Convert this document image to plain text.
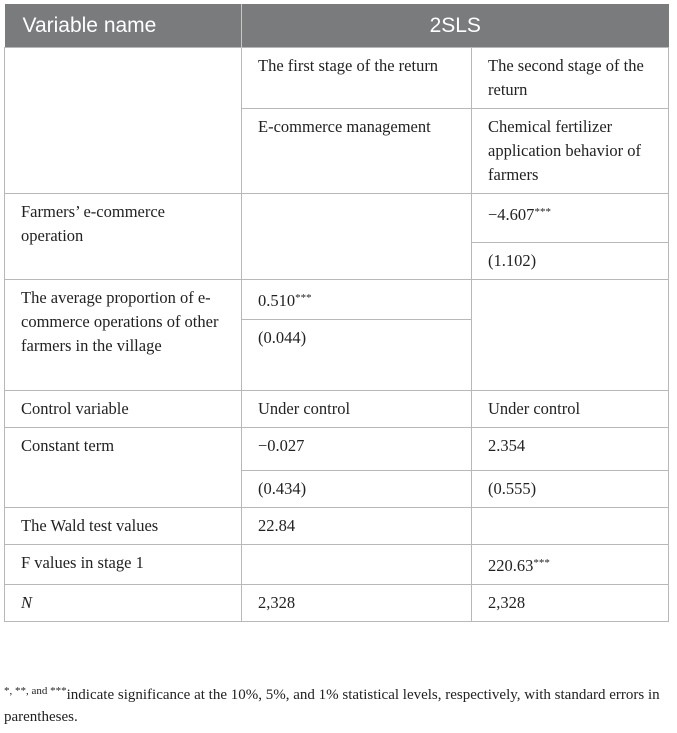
Variable name	2SLS	
	The first stage of the return	The second stage of the return
	E-commerce management	Chemical fertilizer application behavior of farmers
Farmers’ e-commerce operation		−4.607***
		(1.102)
The average proportion of e-commerce operations of other farmers in the village	0.510***	
	(0.044)	
Control variable	Under control	Under control
Constant term	−0.027	2.354
	(0.434)	(0.555)
The Wald test values	22.84	
F values in stage 1		220.63***
N	2,328	2,328
$^{*, **, and ***}$indicate significance at the 10%, 5%, and 1% statistical levels, respectively, with standard errors in parentheses.
